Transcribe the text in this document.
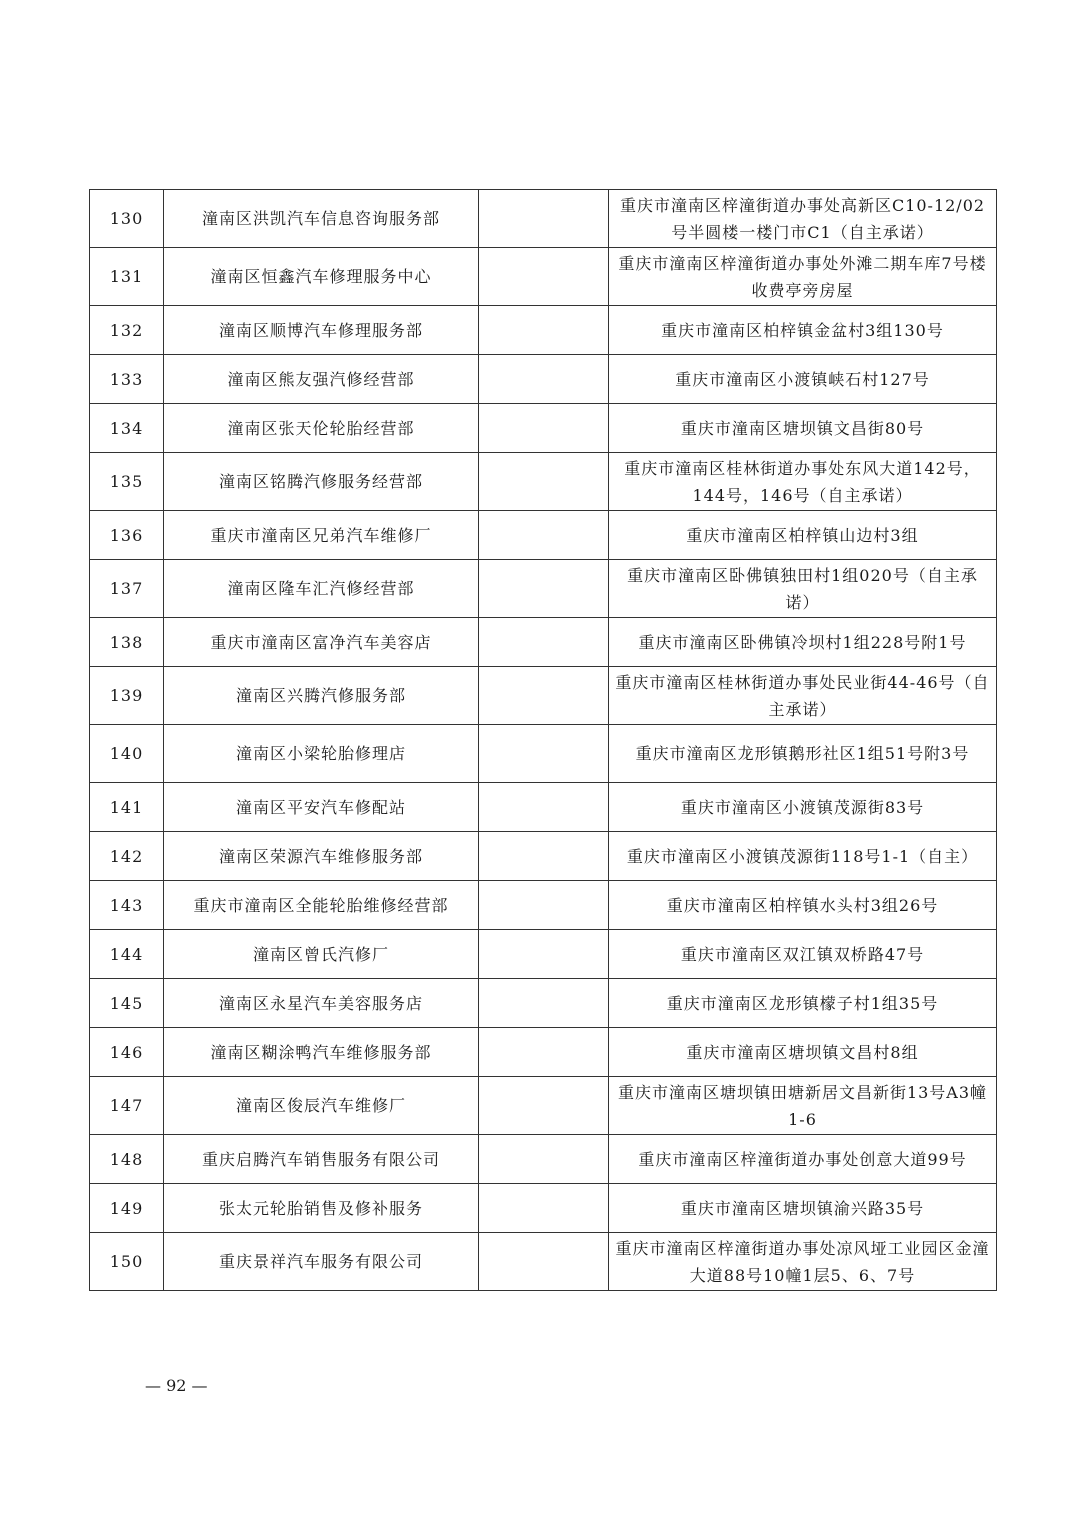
130	潼南区洪凯汽车信息咨询服务部		重庆市潼南区梓潼街道办事处高新区C10-12/02号半圆楼一楼门市C1（自主承诺）
131	潼南区恒鑫汽车修理服务中心		重庆市潼南区梓潼街道办事处外滩二期车库7号楼收费亭旁房屋
132	潼南区顺博汽车修理服务部		重庆市潼南区柏梓镇金盆村3组130号
133	潼南区熊友强汽修经营部		重庆市潼南区小渡镇峡石村127号
134	潼南区张天伦轮胎经营部		重庆市潼南区塘坝镇文昌街80号
135	潼南区铭腾汽修服务经营部		重庆市潼南区桂林街道办事处东风大道142号，144号，146号（自主承诺）
136	重庆市潼南区兄弟汽车维修厂		重庆市潼南区柏梓镇山边村3组
137	潼南区隆车汇汽修经营部		重庆市潼南区卧佛镇独田村1组020号（自主承诺）
138	重庆市潼南区富净汽车美容店		重庆市潼南区卧佛镇冷坝村1组228号附1号
139	潼南区兴腾汽修服务部		重庆市潼南区桂林街道办事处民业街44-46号（自主承诺）
140	潼南区小梁轮胎修理店		重庆市潼南区龙形镇鹅形社区1组51号附3号
141	潼南区平安汽车修配站		重庆市潼南区小渡镇茂源街83号
142	潼南区荣源汽车维修服务部		重庆市潼南区小渡镇茂源街118号1-1（自主）
143	重庆市潼南区全能轮胎维修经营部		重庆市潼南区柏梓镇水头村3组26号
144	潼南区曾氏汽修厂		重庆市潼南区双江镇双桥路47号
145	潼南区永星汽车美容服务店		重庆市潼南区龙形镇檬子村1组35号
146	潼南区糊涂鸭汽车维修服务部		重庆市潼南区塘坝镇文昌村8组
147	潼南区俊辰汽车维修厂		重庆市潼南区塘坝镇田塘新居文昌新街13号A3幢1-6
148	重庆启腾汽车销售服务有限公司		重庆市潼南区梓潼街道办事处创意大道99号
149	张太元轮胎销售及修补服务		重庆市潼南区塘坝镇渝兴路35号
150	重庆景祥汽车服务有限公司		重庆市潼南区梓潼街道办事处凉风垭工业园区金潼大道88号10幢1层5、6、7号
— 92 —
